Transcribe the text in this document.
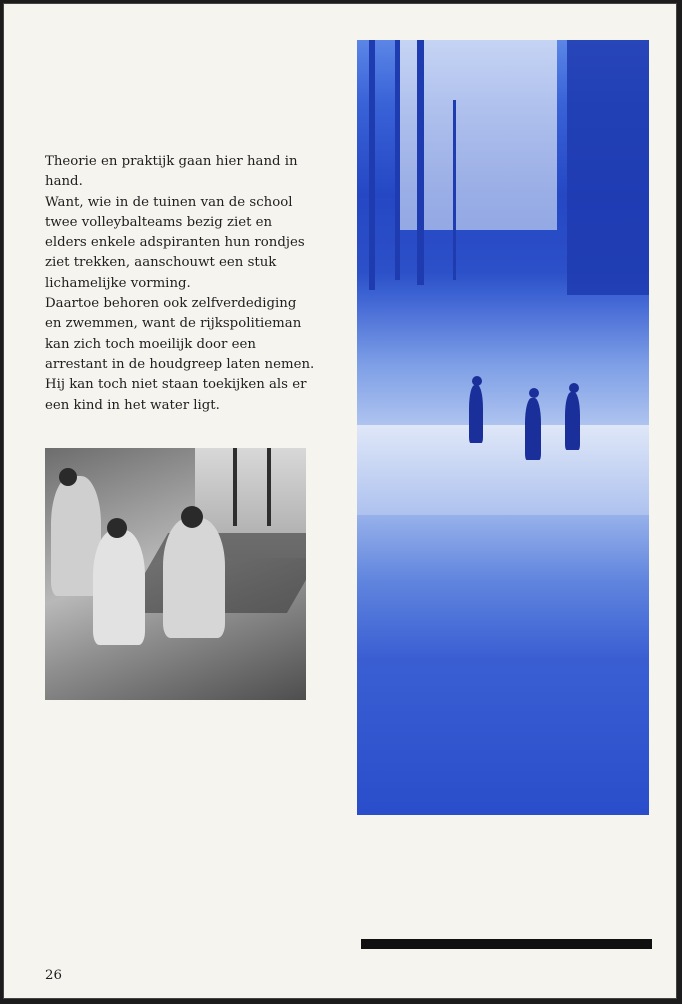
Theorie en praktijk gaan hier hand in
hand.
Want, wie in de tuinen van de school
twee volleybalteams bezig ziet en
elders enkele adspiranten hun rondjes
ziet trekken, aanschouwt een stuk
lichamelijke vorming.
Daartoe behoren ook zelfverdediging
en zwemmen, want de rijkspolitieman
kan zich toch moeilijk door een
arrestant in de houdgreep laten nemen.
Hij kan toch niet staan toekijken als er
een kind in het water ligt.

26
